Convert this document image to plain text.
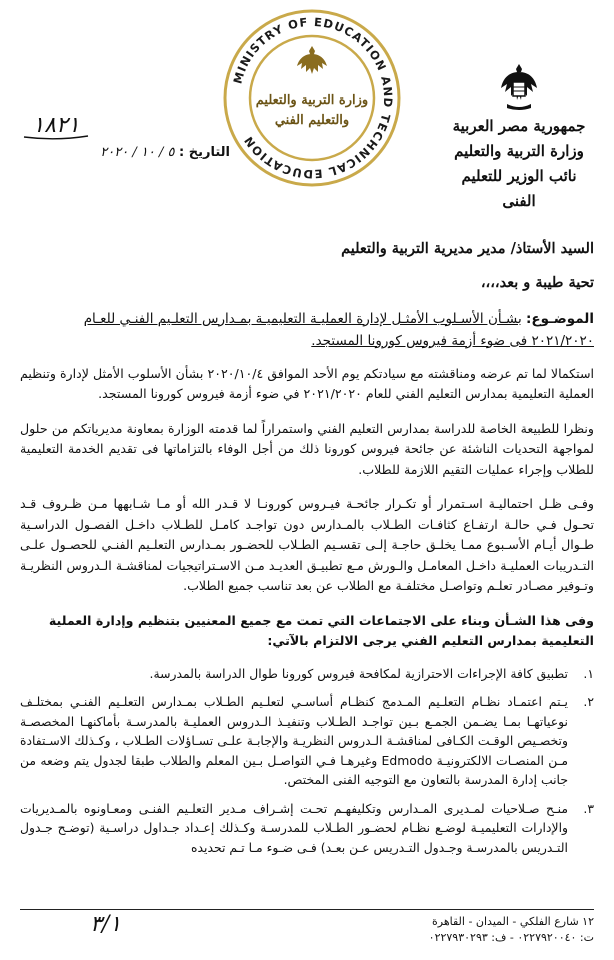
جمهورية مصر العربية
وزارة التربية والتعليم
نائب الوزير للتعليم الفنى
MINISTRY OF EDUCATION AND TECHNICAL EDUCATION
وزارة التربية والتعليم
والتعليم الفني
١٨٢١
التاريخ : ٥ / ١٠ / ٢٠٢٠

السيد الأستاذ/ مدير مديرية التربية والتعليم

تحية طيبة و بعد،،،،

الموضـوع: بشـأن الأسـلوب الأمثـل لإدارة العمليـة التعليميـة بمـدارس التعلـيم الفنـي للعـام ٢٠٢١/٢٠٢٠ فى ضوء أزمة فيروس كورونا المستجد.

استكمالا لما تم عرضه ومناقشته مع سيادتكم يوم الأحد الموافق ٢٠٢٠/١٠/٤ بشأن الأسلوب الأمثل لإدارة وتنظيم العملية التعليمية بمدارس التعليم الفني للعام ٢٠٢١/٢٠٢٠ في ضوء أزمة فيروس كورونا المستجد.

ونظرا للطبيعة الخاصة للدراسة بمدارس التعليم الفني واستمراراً لما قدمته الوزارة بمعاونة مديرياتكم من حلول لمواجهة التحديات الناشئة عن جائحة فيروس كورونا ذلك من أجل الوفاء بالتزاماتها فى تقديم الخدمة التعليمية للطلاب وإجراء عمليات التقيم اللازمة للطلاب.

وفـى ظـل احتماليـة اسـتمرار أو تكـرار جائحـة فيـروس كورونـا لا قـدر الله أو مـا شـابهها مـن ظـروف قـد تحـول فـي حالـة ارتفـاع كثافـات الطـلاب بالمـدارس دون تواجـد كامـل للطـلاب داخـل الفصـول الدراسـية طـوال أيـام الأسـبوع ممـا يخلـق حاجـة إلـى تقسـيم الطـلاب للحضـور بمـدارس التعلـيم الفنـي للحصـول علـى التـدريبات العمليـة داخـل المعامـل والـورش مـع تطبيـق العديـد مـن الاسـتراتيجيات لمناقشـة الـدروس النظريـة وتـوفير مصـادر تعلـم وتواصـل مختلفـة مع الطلاب عن بعد تناسب جميع الطلاب.

وفى هذا الشـأن وبناء على الاجتماعات التي تمت مع جميع المعنيين بتنظيم وإدارة العملية التعليمية بمدارس التعليم الفني يرجى الالتزام بالآتي:

١.
تطبيق كافة الإجراءات الاحترازية لمكافحة فيروس كورونا طوال الدراسة بالمدرسة.
٢.
يـتم اعتمـاد نظـام التعلـيم المـدمج كنظـام أساسـي لتعلـيم الطـلاب بمـدارس التعلـيم الفنـي بمختلـف نوعياتهـا بمـا يضـمن الجمـع بـين تواجـد الطـلاب وتنفيـذ الـدروس العمليـة بالمدرسـة بأماكنهـا المخصصـة وتخصـيص الوقـت الكـافى لمناقشـة الـدروس النظريـة والإجابـة علـى تسـاؤلات الطـلاب ، وكـذلك الاسـتفادة مـن المنصـات الالكترونيـة Edmodo وغيرهـا فـي التواصـل بـين المعلم والطلاب طبقا لجدول يتم وضعه من جانب إدارة المدرسة بالتعاون مع التوجيه الفنى المختص.
٣.
منـح صـلاحيات لمـديرى المـدارس وتكليفهـم تحـت إشـراف مـدير التعلـيم الفنـى ومعـاونوه بالمـديريات والإدارات التعليميـة لوضـع نظـام لحضـور الطـلاب للمدرسـة وكـذلك إعـداد جـداول دراسـية (توضـح جـدول التـدريس بالمدرسـة وجـدول التـدريس عـن بعـد) فـى ضـوء مـا تـم تحديده
١٢ شارع الفلكي - الميدان - القاهرة
ت: ٠٢٢٧٩٢٠٠٤٠ - ف: ٠٢٢٧٩٣٠٢٩٣
٣/١
